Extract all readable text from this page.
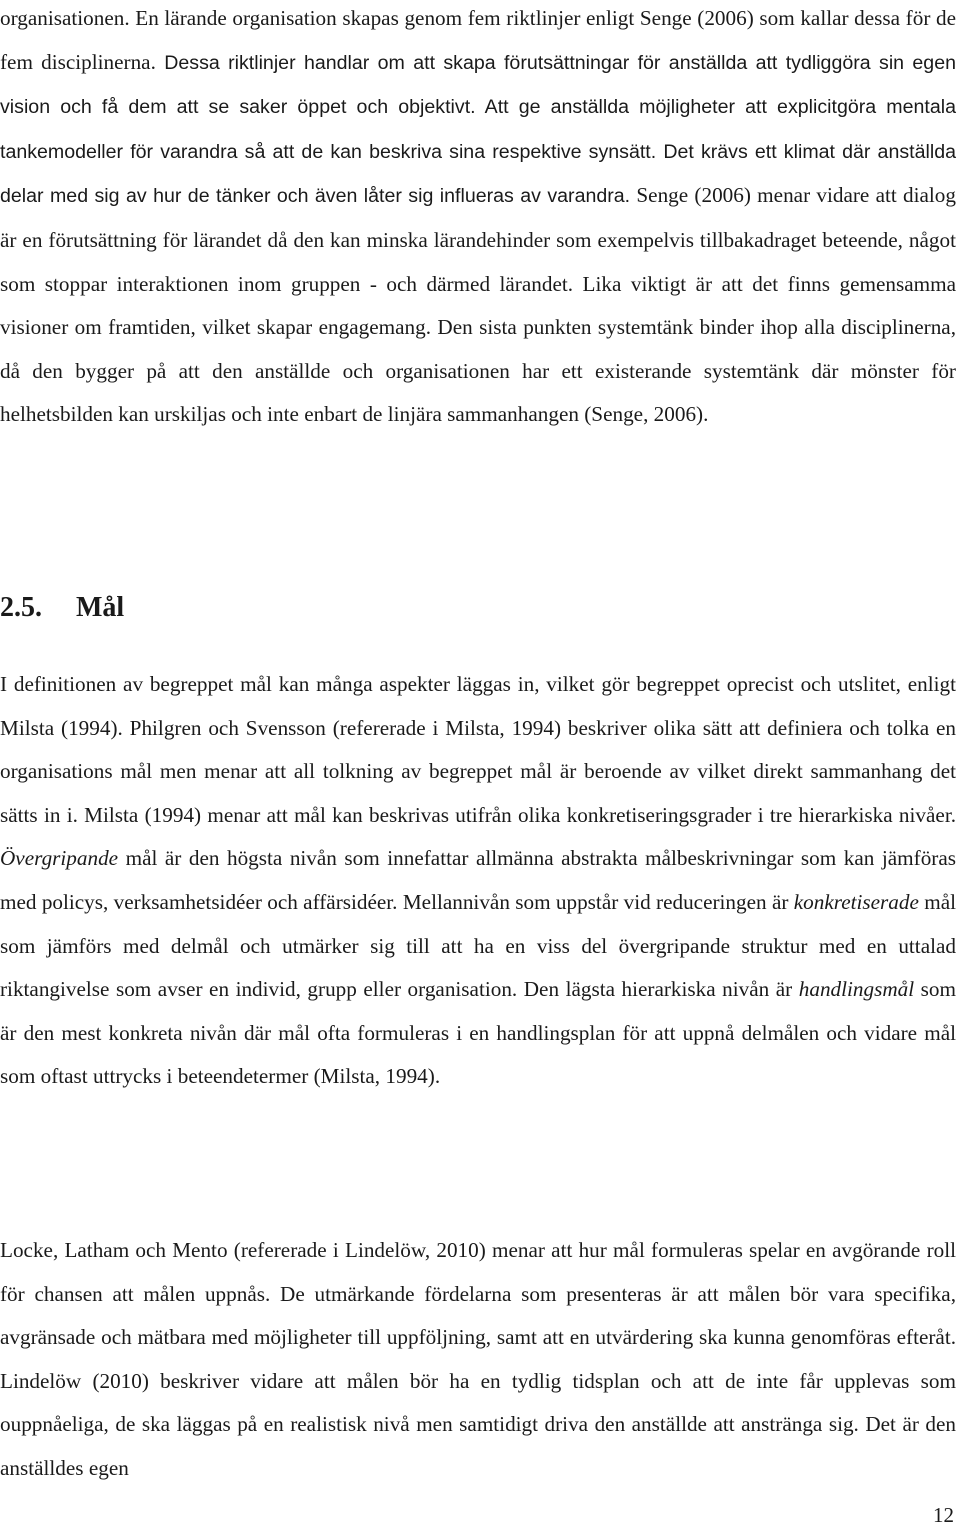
organisationen. En lärande organisation skapas genom fem riktlinjer enligt Senge (2006) som kallar dessa för de fem disciplinerna. Dessa riktlinjer handlar om att skapa förutsättningar för anställda att tydliggöra sin egen vision och få dem att se saker öppet och objektivt. Att ge anställda möjligheter att explicitgöra mentala tankemodeller för varandra så att de kan beskriva sina respektive synsätt. Det krävs ett klimat där anställda delar med sig av hur de tänker och även låter sig influeras av varandra. Senge (2006) menar vidare att dialog är en förutsättning för lärandet då den kan minska lärandehinder som exempelvis tillbakadraget beteende, något som stoppar interaktionen inom gruppen - och därmed lärandet. Lika viktigt är att det finns gemensamma visioner om framtiden, vilket skapar engagemang. Den sista punkten systemtänk binder ihop alla disciplinerna, då den bygger på att den anställde och organisationen har ett existerande systemtänk där mönster för helhetsbilden kan urskiljas och inte enbart de linjära sammanhangen (Senge, 2006).

2.5. Mål

I definitionen av begreppet mål kan många aspekter läggas in, vilket gör begreppet oprecist och utslitet, enligt Milsta (1994). Philgren och Svensson (refererade i Milsta, 1994) beskriver olika sätt att definiera och tolka en organisations mål men menar att all tolkning av begreppet mål är beroende av vilket direkt sammanhang det sätts in i. Milsta (1994) menar att mål kan beskrivas utifrån olika konkretiseringsgrader i tre hierarkiska nivåer. Övergripande mål är den högsta nivån som innefattar allmänna abstrakta målbeskrivningar som kan jämföras med policys, verksamhetsidéer och affärsidéer. Mellannivån som uppstår vid reduceringen är konkretiserade mål som jämförs med delmål och utmärker sig till att ha en viss del övergripande struktur med en uttalad riktangivelse som avser en individ, grupp eller organisation. Den lägsta hierarkiska nivån är handlingsmål som är den mest konkreta nivån där mål ofta formuleras i en handlingsplan för att uppnå delmålen och vidare mål som oftast uttrycks i beteendetermer (Milsta, 1994).

Locke, Latham och Mento (refererade i Lindelöw, 2010) menar att hur mål formuleras spelar en avgörande roll för chansen att målen uppnås. De utmärkande fördelarna som presenteras är att målen bör vara specifika, avgränsade och mätbara med möjligheter till uppföljning, samt att en utvärdering ska kunna genomföras efteråt. Lindelöw (2010) beskriver vidare att målen bör ha en tydlig tidsplan och att de inte får upplevas som ouppnåeliga, de ska läggas på en realistisk nivå men samtidigt driva den anställde att anstränga sig. Det är den anställdes egen

12
